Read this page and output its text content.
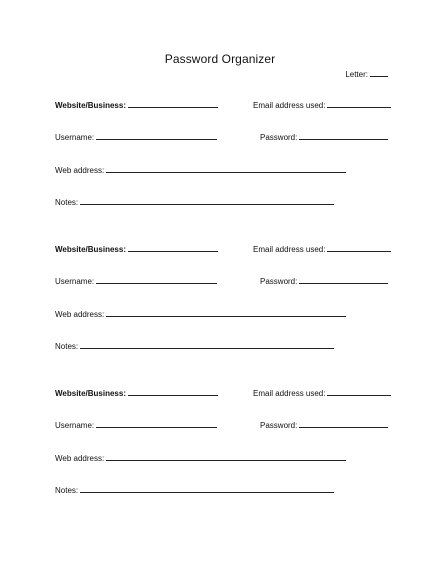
Password Organizer
Letter:
Website/Business:	Email address used:
Username:	Password:
Web address:
Notes:
Website/Business:	Email address used:
Username:	Password:
Web address:
Notes:
Website/Business:	Email address used:
Username:	Password:
Web address:
Notes:
